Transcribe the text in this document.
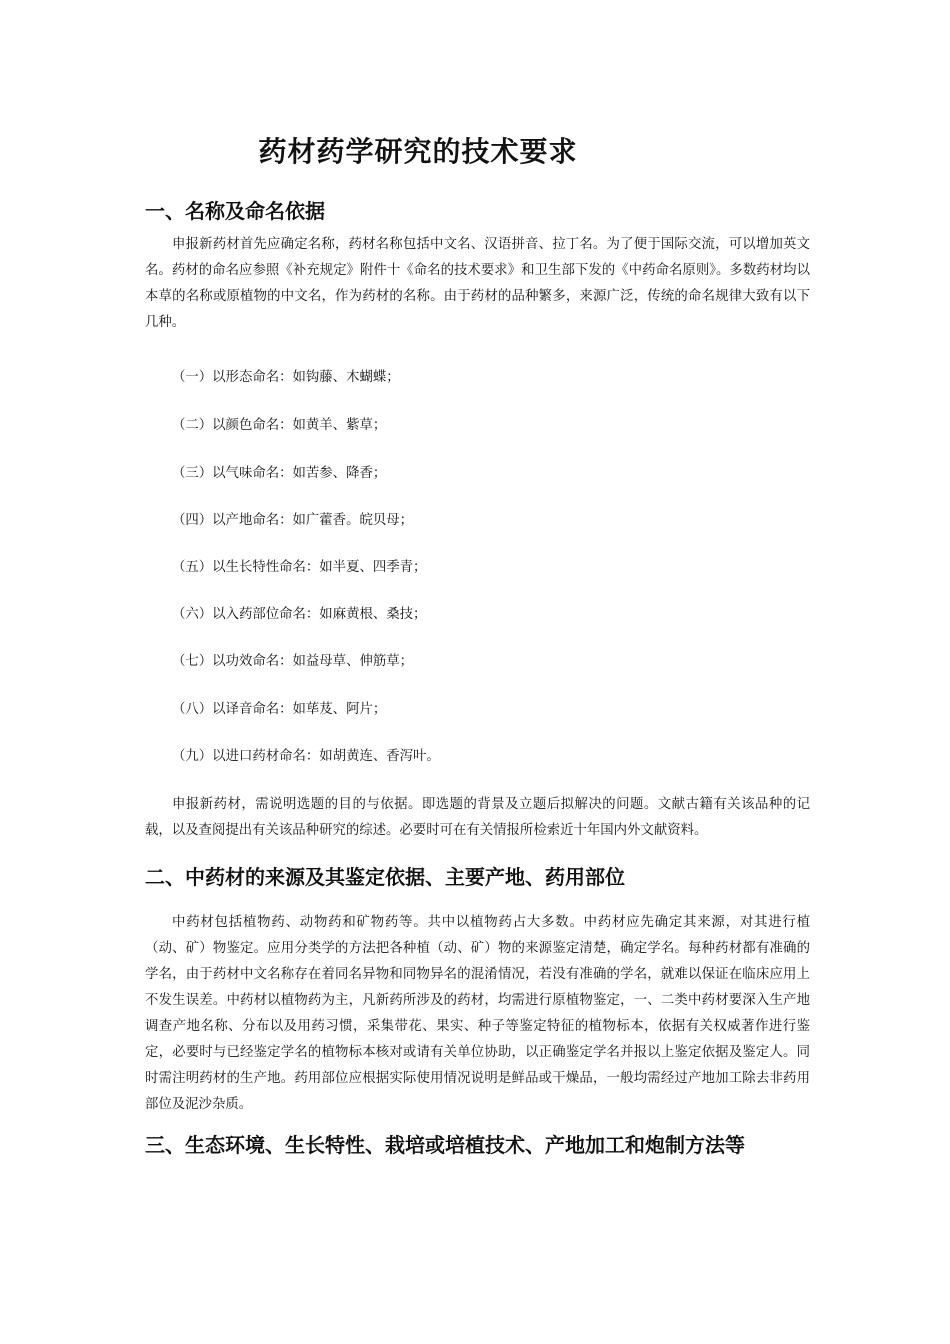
药材药学研究的技术要求
一、名称及命名依据

申报新药材首先应确定名称，药材名称包括中文名、汉语拼音、拉丁名。为了便于国际交流，可以增加英文名。药材的命名应参照《补充规定》附件十《命名的技术要求》和卫生部下发的《中药命名原则》。多数药材均以本草的名称或原植物的中文名，作为药材的名称。由于药材的品种繁多，来源广泛，传统的命名规律大致有以下几种。

（一）以形态命名：如钩藤、木蝴蝶；

（二）以颜色命名：如黄羊、紫草；

（三）以气味命名：如苦参、降香；

（四）以产地命名：如广藿香。皖贝母；

（五）以生长特性命名：如半夏、四季青；

（六）以入药部位命名：如麻黄根、桑技；

（七）以功效命名：如益母草、伸筋草；

（八）以译音命名：如荜芨、阿片；

（九）以进口药材命名：如胡黄连、香泻叶。

申报新药材，需说明选题的目的与依据。即选题的背景及立题后拟解决的问题。文献古籍有关该品种的记载，以及查阅提出有关该品种研究的综述。必要时可在有关情报所检索近十年国内外文献资料。

二、中药材的来源及其鉴定依据、主要产地、药用部位

中药材包括植物药、动物药和矿物药等。共中以植物药占大多数。中药材应先确定其来源，对其进行植（动、矿）物鉴定。应用分类学的方法把各种植（动、矿）物的来源鉴定清楚，确定学名。每种药材都有准确的学名，由于药材中文名称存在着同名异物和同物异名的混淆情况，若没有准确的学名，就难以保证在临床应用上不发生误差。中药材以植物药为主，凡新药所涉及的药材，均需进行原植物鉴定，一、二类中药材要深入生产地调查产地名称、分布以及用药习惯，采集带花、果实、种子等鉴定特征的植物标本，依据有关权威著作进行鉴定，必要时与已经鉴定学名的植物标本核对或请有关单位协助，以正确鉴定学名并报以上鉴定依据及鉴定人。同时需注明药材的生产地。药用部位应根据实际使用情况说明是鲜品或干燥品，一般均需经过产地加工除去非药用部位及泥沙杂质。

三、生态环境、生长特性、栽培或培植技术、产地加工和炮制方法等
